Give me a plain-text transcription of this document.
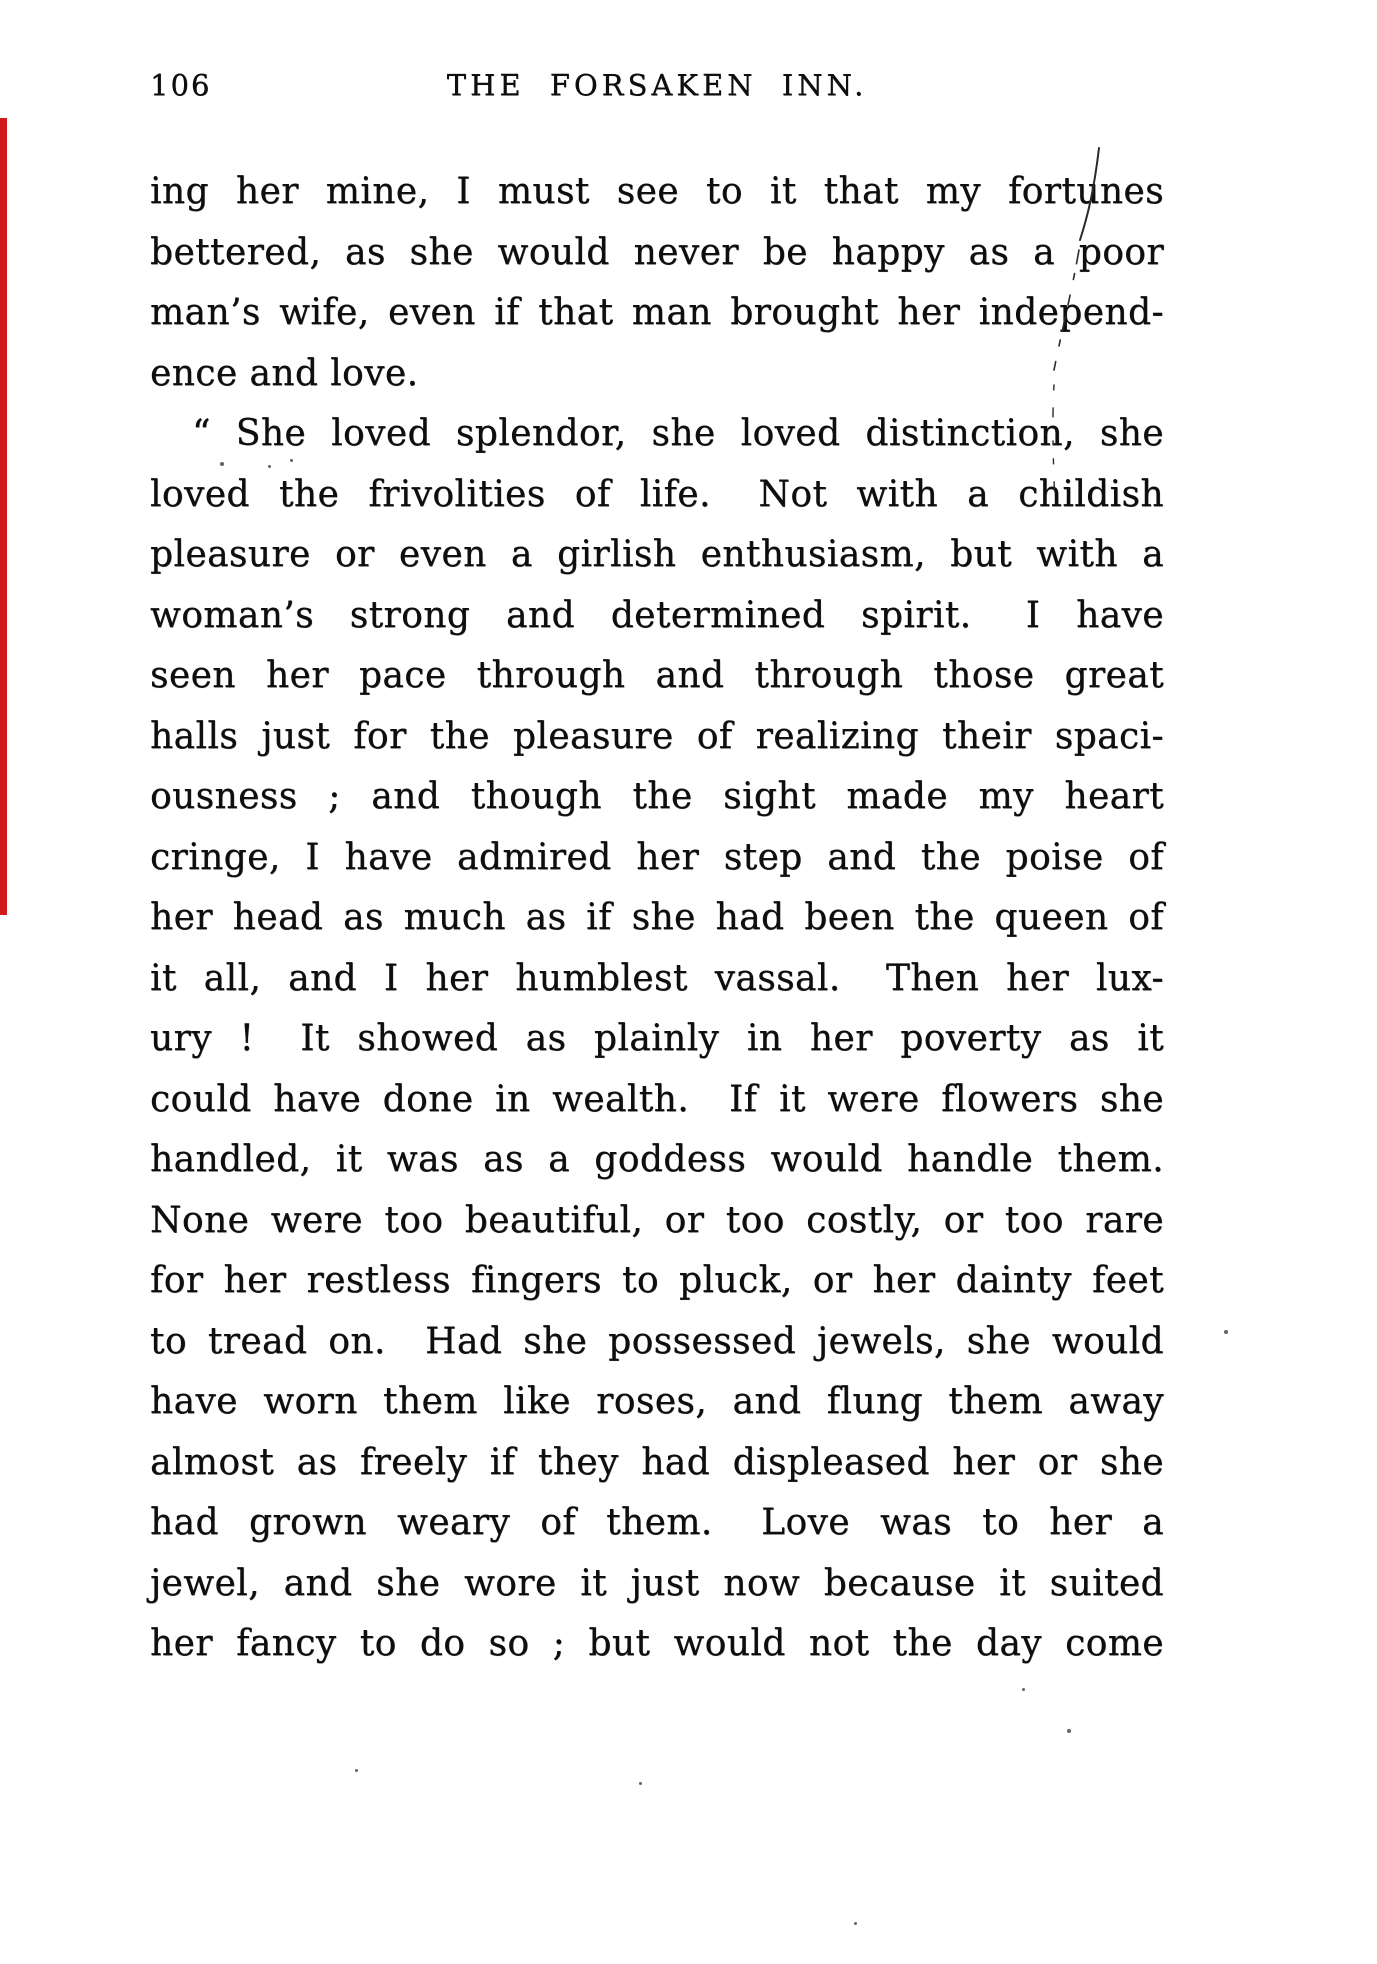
106	THE FORSAKEN INN.
ing her mine, I must see to it that my fortunes
bettered, as she would never be happy as a poor
man’s wife, even if that man brought her independ-
ence and love.
“ She loved splendor, she loved distinction, she
loved the frivolities of life.  Not with a childish
pleasure or even a girlish enthusiasm, but with a
woman’s strong and determined spirit.  I have
seen her pace through and through those great
halls just for the pleasure of realizing their spaci-
ousness ; and though the sight made my heart
cringe, I have admired her step and the poise of
her head as much as if she had been the queen of
it all, and I her humblest vassal.  Then her lux-
ury !  It showed as plainly in her poverty as it
could have done in wealth.  If it were flowers she
handled, it was as a goddess would handle them.
None were too beautiful, or too costly, or too rare
for her restless fingers to pluck, or her dainty feet
to tread on.  Had she possessed jewels, she would
have worn them like roses, and flung them away
almost as freely if they had displeased her or she
had grown weary of them.  Love was to her a
jewel, and she wore it just now because it suited
her fancy to do so ; but would not the day come
